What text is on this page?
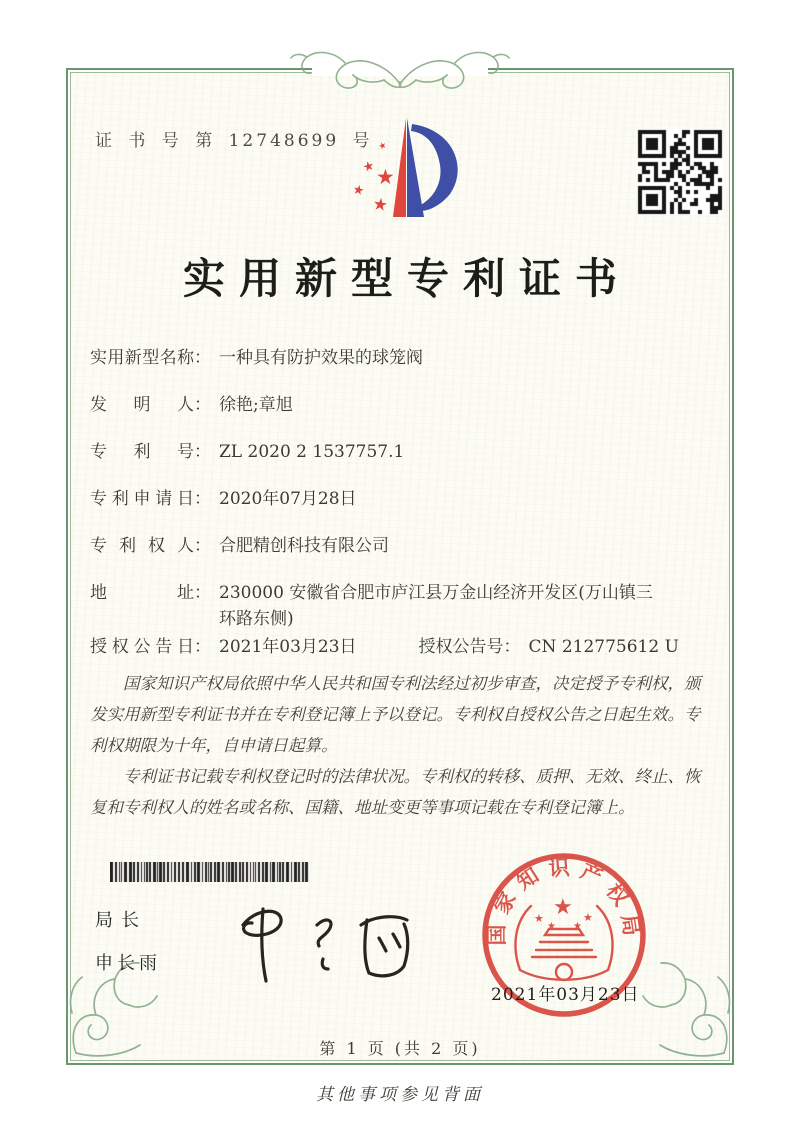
证 书 号 第 12748699 号 ★
★ ★
★
★
实用新型专利证书
实用新型名称 ： 一种具有防护效果的球笼阀
发明人 ： 徐艳;章旭
专利号 ： ZL 2020 2 1537757.1
专利申请日 ： 2020年07月28日
专利权人 ： 合肥精创科技有限公司
地址 ： 230000 安徽省合肥市庐江县万金山经济开发区(万山镇三环路东侧)
授权公告日 ： 2021年03月23日	授权公告号 ： CN 212775612 U

国家知识产权局依照中华人民共和国专利法经过初步审查，决定授予专利权，颁发实用新型专利证书并在专利登记簿上予以登记。专利权自授权公告之日起生效。专利权期限为十年，自申请日起算。

专利证书记载专利权登记时的法律状况。专利权的转移、质押、无效、终止、恢复和专利权人的姓名或名称、国籍、地址变更等事项记载在专利登记簿上。

局长
申长雨
国家知识产权局
★
★	★
★ ★
2021年03月23日
第 1 页 (共 2 页)
其他事项参见背面
